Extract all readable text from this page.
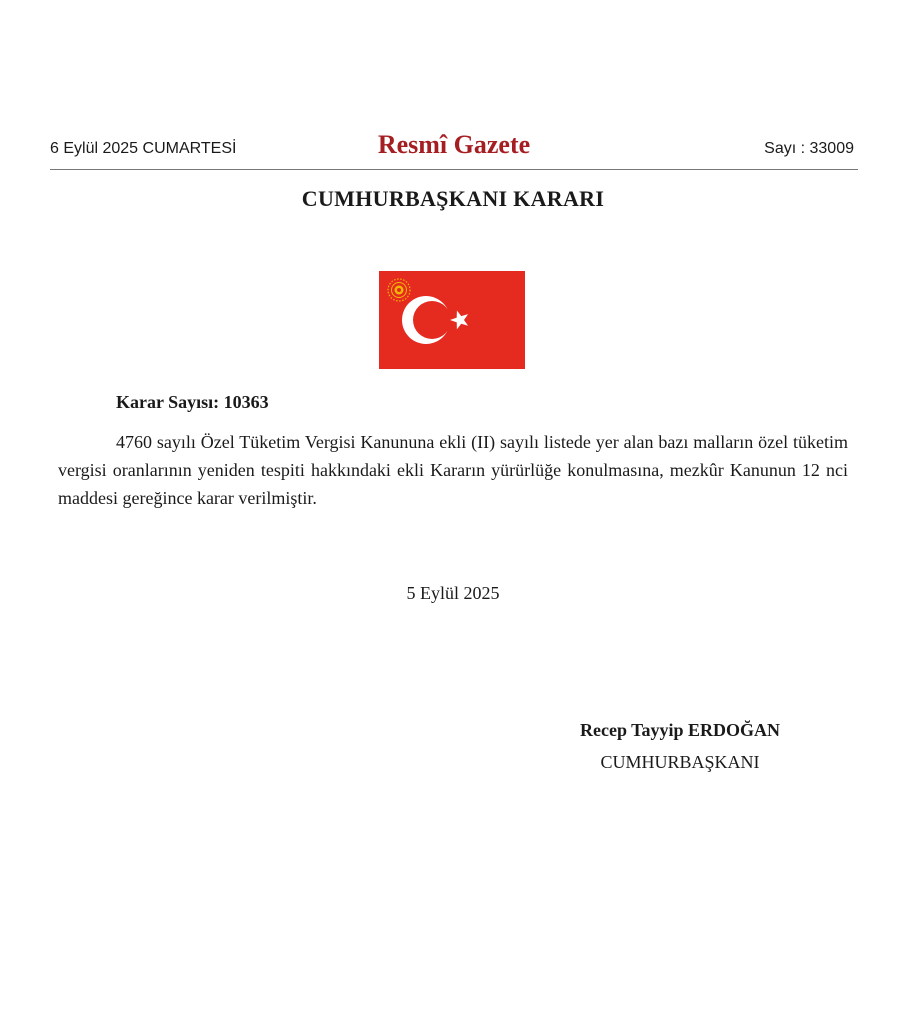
6 Eylül 2025 CUMARTESİ	Resmî Gazete	Sayı : 33009
CUMHURBAŞKANI KARARI
Karar Sayısı: 10363

4760 sayılı Özel Tüketim Vergisi Kanununa ekli (II) sayılı listede yer alan bazı malların özel tüketim vergisi oranlarının yeniden tespiti hakkındaki ekli Kararın yürürlüğe konulmasına, mezkûr Kanunun 12 nci maddesi gereğince karar verilmiştir.

5 Eylül 2025
Recep Tayyip ERDOĞAN
CUMHURBAŞKANI
